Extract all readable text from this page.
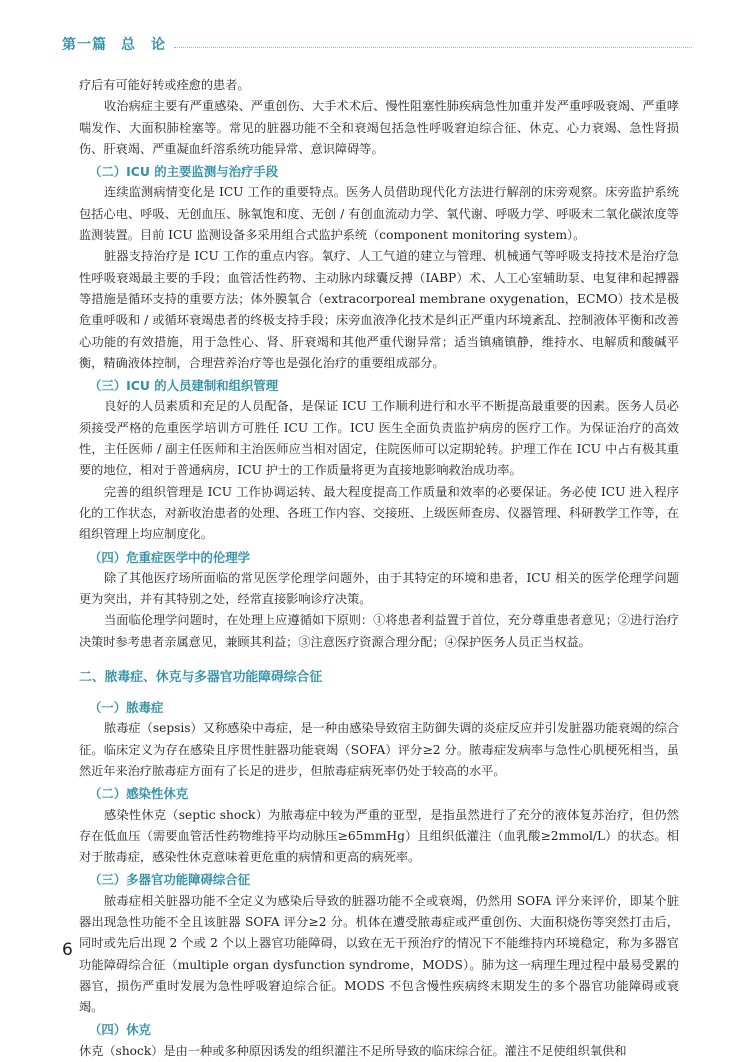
第一篇 总　论
疗后有可能好转或痊愈的患者。
收治病症主要有严重感染、严重创伤、大手术术后、慢性阻塞性肺疾病急性加重并发严重呼吸衰竭、严重哮喘发作、大面积肺栓塞等。常见的脏器功能不全和衰竭包括急性呼吸窘迫综合征、休克、心力衰竭、急性肾损伤、肝衰竭、严重凝血纤溶系统功能异常、意识障碍等。
（二）ICU 的主要监测与治疗手段
连续监测病情变化是 ICU 工作的重要特点。医务人员借助现代化方法进行解剖的床旁观察。床旁监护系统包括心电、呼吸、无创血压、脉氧饱和度、无创 / 有创血流动力学、氧代谢、呼吸力学、呼吸末二氧化碳浓度等监测装置。目前 ICU 监测设备多采用组合式监护系统（component monitoring system）。
脏器支持治疗是 ICU 工作的重点内容。氧疗、人工气道的建立与管理、机械通气等呼吸支持技术是治疗急性呼吸衰竭最主要的手段；血管活性药物、主动脉内球囊反搏（IABP）术、人工心室辅助泵、电复律和起搏器等措施是循环支持的重要方法；体外膜氧合（extracorporeal membrane oxygenation，ECMO）技术是极危重呼吸和 / 或循环衰竭患者的终极支持手段；床旁血液净化技术是纠正严重内环境紊乱、控制液体平衡和改善心功能的有效措施，用于急性心、肾、肝衰竭和其他严重代谢异常；适当镇痛镇静，维持水、电解质和酸碱平衡，精确液体控制，合理营养治疗等也是强化治疗的重要组成部分。
（三）ICU 的人员建制和组织管理
良好的人员素质和充足的人员配备，是保证 ICU 工作顺利进行和水平不断提高最重要的因素。医务人员必须接受严格的危重医学培训方可胜任 ICU 工作。ICU 医生全面负责监护病房的医疗工作。为保证治疗的高效性，主任医师 / 副主任医师和主治医师应当相对固定，住院医师可以定期轮转。护理工作在 ICU 中占有极其重要的地位，相对于普通病房，ICU 护士的工作质量将更为直接地影响救治成功率。
完善的组织管理是 ICU 工作协调运转、最大程度提高工作质量和效率的必要保证。务必使 ICU 进入程序化的工作状态，对新收治患者的处理、各班工作内容、交接班、上级医师查房、仪器管理、科研教学工作等，在组织管理上均应制度化。
（四）危重症医学中的伦理学
除了其他医疗场所面临的常见医学伦理学问题外，由于其特定的环境和患者，ICU 相关的医学伦理学问题更为突出，并有其特别之处，经常直接影响诊疗决策。
当面临伦理学问题时，在处理上应遵循如下原则：①将患者利益置于首位，充分尊重患者意见；②进行治疗决策时参考患者亲属意见，兼顾其利益；③注意医疗资源合理分配；④保护医务人员正当权益。
二、脓毒症、休克与多器官功能障碍综合征
（一）脓毒症
脓毒症（sepsis）又称感染中毒症，是一种由感染导致宿主防御失调的炎症反应并引发脏器功能衰竭的综合征。临床定义为存在感染且序贯性脏器功能衰竭（SOFA）评分≥2 分。脓毒症发病率与急性心肌梗死相当，虽然近年来治疗脓毒症方面有了长足的进步，但脓毒症病死率仍处于较高的水平。
（二）感染性休克
感染性休克（septic shock）为脓毒症中较为严重的亚型，是指虽然进行了充分的液体复苏治疗，但仍然存在低血压（需要血管活性药物维持平均动脉压≥65mmHg）且组织低灌注（血乳酸≥2mmol/L）的状态。相对于脓毒症，感染性休克意味着更危重的病情和更高的病死率。
（三）多器官功能障碍综合征
脓毒症相关脏器功能不全定义为感染后导致的脏器功能不全或衰竭，仍然用 SOFA 评分来评价，即某个脏器出现急性功能不全且该脏器 SOFA 评分≥2 分。机体在遭受脓毒症或严重创伤、大面积烧伤等突然打击后，同时或先后出现 2 个或 2 个以上器官功能障碍，以致在无干预治疗的情况下不能维持内环境稳定，称为多器官功能障碍综合征（multiple organ dysfunction syndrome，MODS）。肺为这一病理生理过程中最易受累的器官，损伤严重时发展为急性呼吸窘迫综合征。MODS 不包含慢性疾病终末期发生的多个器官功能障碍或衰竭。
（四）休克
休克（shock）是由一种或多种原因诱发的组织灌注不足所导致的临床综合征。灌注不足使组织氧供和
6
